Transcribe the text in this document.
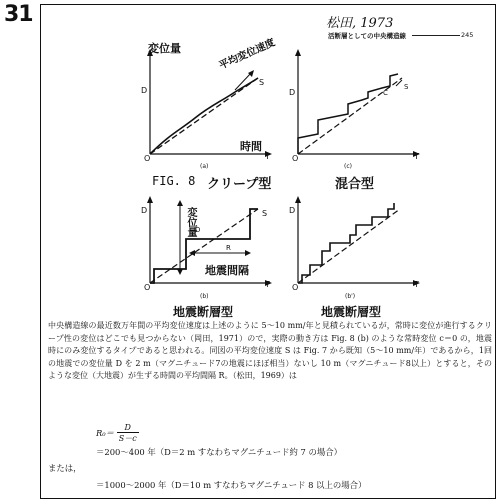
31	松田, 1973
活断層としての中央構造線	245
変位量	平均変位速度
S
D
時間
O	T
(a)
D	C
S
O	T
(c)
FIG. 8 クリープ型	混合型
D	変位量 D
S
R
地震間隔
O	T
(b)
D
O	T
(b')
地震断層型	地震断層型

中央構造線の最近数万年間の平均変位速度は上述のように 5～10 mm/年と見積られているが，常時に変位が進行するクリープ性の変位はどこでも見つからない（岡田，1971）ので，実際の動き方は Fig. 8 (b) のような常時変位 c＝0 の，地震時にのみ変位するタイプであると思われる。同図の平均変位速度 S は Fig. 7 から既知（5～10 mm/年）であるから，1回の地震での変位量 D を 2 m（マグニチュード7の地震にほぼ相当）ないし 10 m（マグニチュード8以上）とすると，そのような変位（大地震）が生ずる時間の平均間隔 R。（松田，1969）は

$R_0= \frac{D}{S-c}$
＝200～400 年（D＝2 m すなわちマグニチュード約 7 の場合）
または，
＝1000～2000 年（D＝10 m すなわちマグニチュード 8 以上の場合）
